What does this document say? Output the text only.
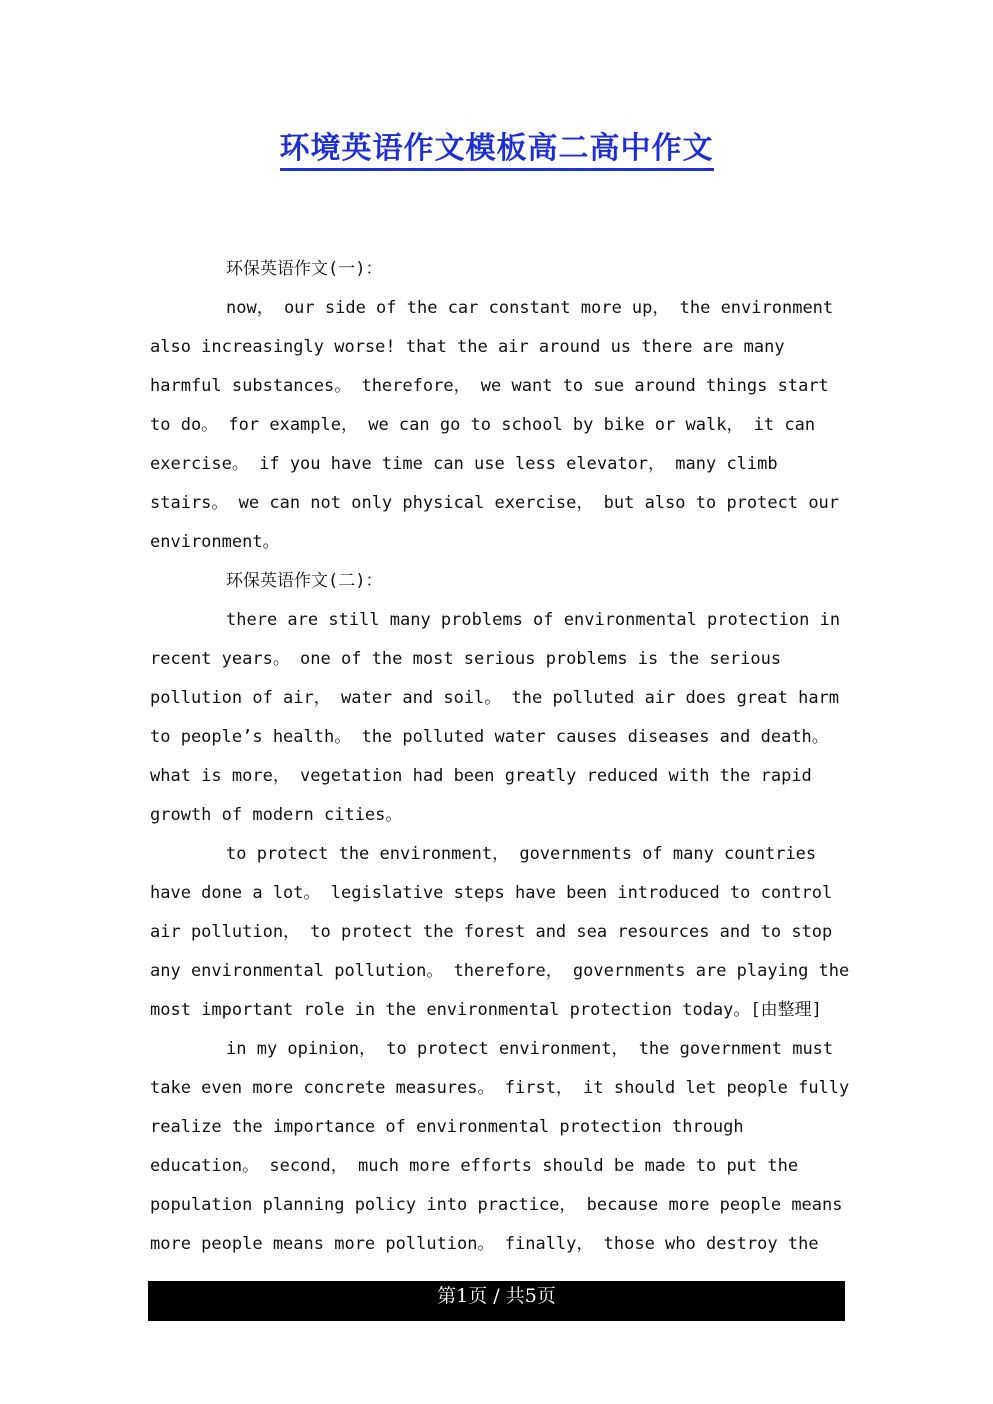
环境英语作文模板高二高中作文
环保英语作文(一)：
now， our side of the car constant more up， the environment
also increasingly worse! that the air around us there are many
harmful substances。 therefore， we want to sue around things start
to do。 for example， we can go to school by bike or walk， it can
exercise。 if you have time can use less elevator， many climb
stairs。 we can not only physical exercise， but also to protect our
environment。
环保英语作文(二)：
there are still many problems of environmental protection in
recent years。 one of the most serious problems is the serious
pollution of air， water and soil。 the polluted air does great harm
to people’s health。 the polluted water causes diseases and death。
what is more， vegetation had been greatly reduced with the rapid
growth of modern cities。
to protect the environment， governments of many countries
have done a lot。 legislative steps have been introduced to control
air pollution， to protect the forest and sea resources and to stop
any environmental pollution。 therefore， governments are playing the
most important role in the environmental protection today。[由整理]
in my opinion， to protect environment， the government must
take even more concrete measures。 first， it should let people fully
realize the importance of environmental protection through
education。 second， much more efforts should be made to put the
population planning policy into practice， because more people means
more people means more pollution。 finally， those who destroy the
第1页 / 共5页
